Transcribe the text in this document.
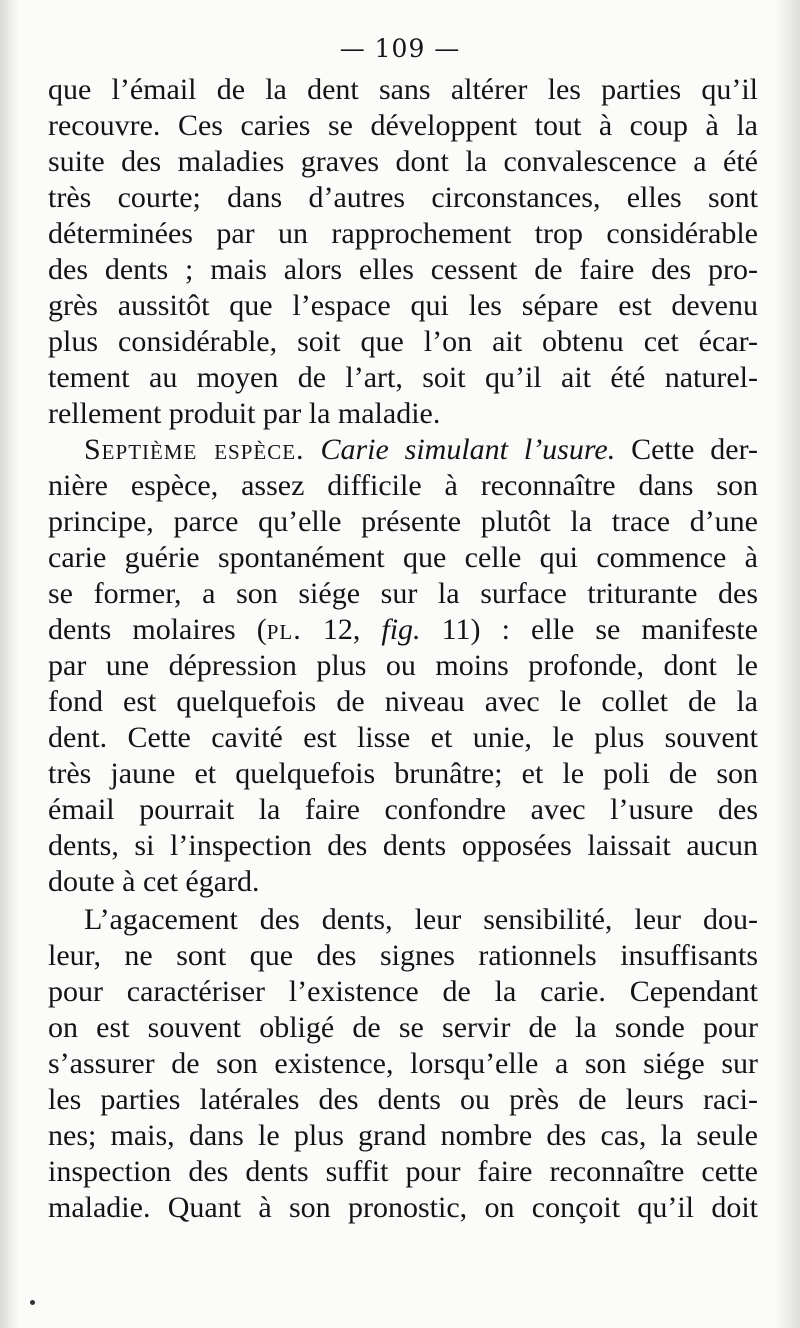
— 109 —
que l’émail de la dent sans altérer les parties qu’il
recouvre. Ces caries se développent tout à coup à la
suite des maladies graves dont la convalescence a été
très courte; dans d’autres circonstances, elles sont
déterminées par un rapprochement trop considérable
des dents ; mais alors elles cessent de faire des pro-
grès aussitôt que l’espace qui les sépare est devenu
plus considérable, soit que l’on ait obtenu cet écar-
tement au moyen de l’art, soit qu’il ait été naturel-
rellement produit par la maladie.
Septième espèce. Carie simulant l’usure. Cette der-
nière espèce, assez difficile à reconnaître dans son
principe, parce qu’elle présente plutôt la trace d’une
carie guérie spontanément que celle qui commence à
se former, a son siége sur la surface triturante des
dents molaires (pl. 12, fig. 11) : elle se manifeste
par une dépression plus ou moins profonde, dont le
fond est quelquefois de niveau avec le collet de la
dent. Cette cavité est lisse et unie, le plus souvent
très jaune et quelquefois brunâtre; et le poli de son
émail pourrait la faire confondre avec l’usure des
dents, si l’inspection des dents opposées laissait aucun
doute à cet égard.
L’agacement des dents, leur sensibilité, leur dou-
leur, ne sont que des signes rationnels insuffisants
pour caractériser l’existence de la carie. Cependant
on est souvent obligé de se servir de la sonde pour
s’assurer de son existence, lorsqu’elle a son siége sur
les parties latérales des dents ou près de leurs raci-
nes; mais, dans le plus grand nombre des cas, la seule
inspection des dents suffit pour faire reconnaître cette
maladie. Quant à son pronostic, on conçoit qu’il doit
